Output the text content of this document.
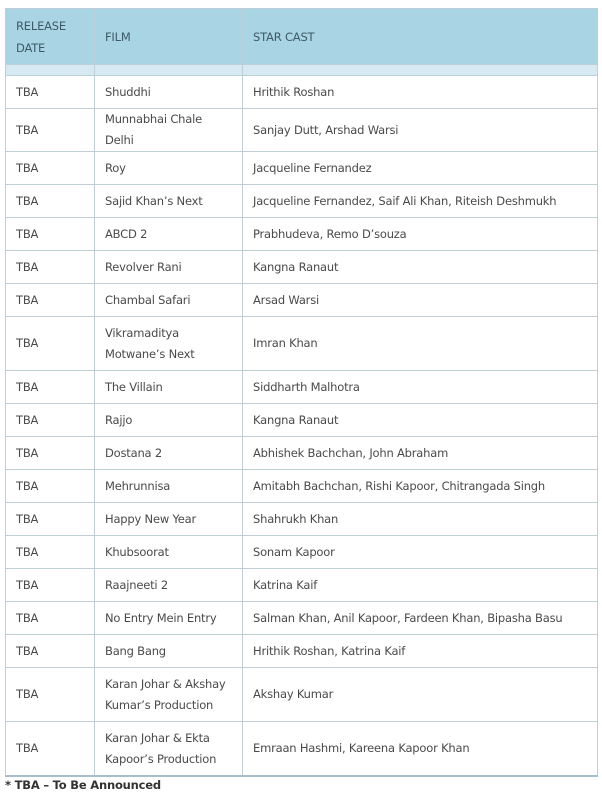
RELEASE DATE	FILM	STAR CAST

TBA	Shuddhi	Hrithik Roshan
TBA	Munnabhai Chale Delhi	Sanjay Dutt, Arshad Warsi
TBA	Roy	Jacqueline Fernandez
TBA	Sajid Khan’s Next	Jacqueline Fernandez, Saif Ali Khan, Riteish Deshmukh
TBA	ABCD 2	Prabhudeva, Remo D’souza
TBA	Revolver Rani	Kangna Ranaut
TBA	Chambal Safari	Arsad Warsi
TBA	Vikramaditya Motwane’s Next	Imran Khan
TBA	The Villain	Siddharth Malhotra
TBA	Rajjo	Kangna Ranaut
TBA	Dostana 2	Abhishek Bachchan, John Abraham
TBA	Mehrunnisa	Amitabh Bachchan, Rishi Kapoor, Chitrangada Singh
TBA	Happy New Year	Shahrukh Khan
TBA	Khubsoorat	Sonam Kapoor
TBA	Raajneeti 2	Katrina Kaif
TBA	No Entry Mein Entry	Salman Khan, Anil Kapoor, Fardeen Khan, Bipasha Basu
TBA	Bang Bang	Hrithik Roshan, Katrina Kaif
TBA	Karan Johar & Akshay Kumar’s Production	Akshay Kumar
TBA	Karan Johar & Ekta Kapoor’s Production	Emraan Hashmi, Kareena Kapoor Khan
* TBA – To Be Announced
